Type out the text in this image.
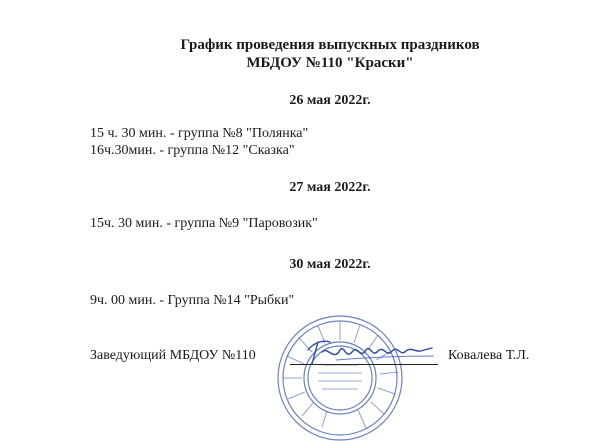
График проведения выпускных праздников

МБДОУ №110 "Краски"

26 мая 2022г.

15 ч. 30 мин. - группа №8 "Полянка"

16ч.30мин. - группа №12 "Сказка"

27 мая 2022г.

15ч. 30 мин. - группа №9 "Паровозик"

30 мая 2022г.

9ч. 00 мин. - Группа №14 "Рыбки"

Заведующий МБДОУ №110	Ковалева Т.Л.
